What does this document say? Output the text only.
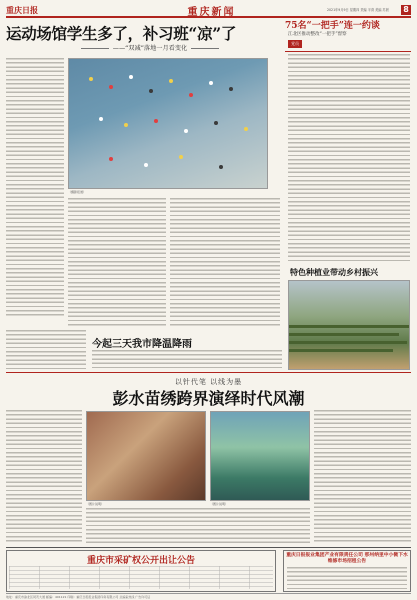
重庆日报	重庆新闻	2021年9月9日 星期四 责编 半湾 美编 苏晨	8
运动场馆学生多了，补习班“凉”了
——“双减”落地一月看变化
（摄影报道）
75名“一把手”连一约谈
江北区推动整改“一把手”督察
党员
特色种植业带动乡村振兴
今起三天我市降温降雨
以针代笔 以线为墨
彭水苗绣跨界演绎时代风潮
（图片说明）	（图片说明）
重庆市采矿权公开出让公告
重庆日报报业集团产业有限责任公司 那州纳里中小微下水维修市场招租公告
地址：重庆市渝北区同茂大道 邮编：401121 印刷：重庆日报报业集团印务有限公司 总编室热线 广告许可证
